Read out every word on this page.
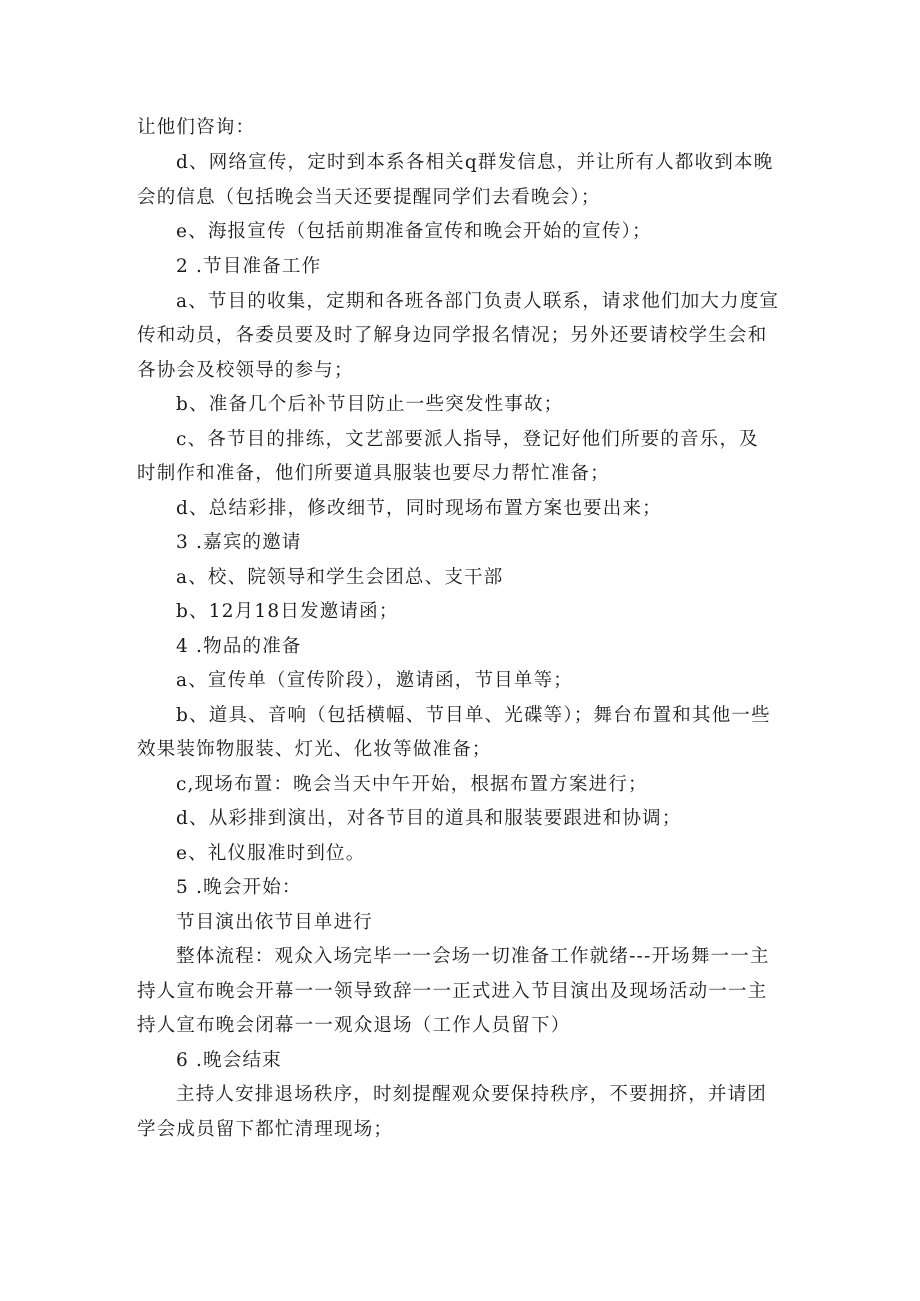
让他们咨询：

d、网络宣传，定时到本系各相关q群发信息，并让所有人都收到本晚

会的信息（包括晚会当天还要提醒同学们去看晚会）；

e、海报宣传（包括前期准备宣传和晚会开始的宣传）；

2 .节目准备工作

a、节目的收集，定期和各班各部门负责人联系，请求他们加大力度宣

传和动员，各委员要及时了解身边同学报名情况；另外还要请校学生会和

各协会及校领导的参与；

b、准备几个后补节目防止一些突发性事故；

c、各节目的排练，文艺部要派人指导，登记好他们所要的音乐，及

时制作和准备，他们所要道具服装也要尽力帮忙准备；

d、总结彩排，修改细节，同时现场布置方案也要出来；

3 .嘉宾的邀请

a、校、院领导和学生会团总、支干部

b、12月18日发邀请函；

4 .物品的准备

a、宣传单（宣传阶段），邀请函，节目单等；

b、道具、音响（包括横幅、节目单、光碟等）；舞台布置和其他一些

效果装饰物服装、灯光、化妆等做准备；

c,现场布置：晚会当天中午开始，根据布置方案进行；

d、从彩排到演出，对各节目的道具和服装要跟进和协调；

e、礼仪服准时到位。

5 .晚会开始：

节目演出依节目单进行

整体流程：观众入场完毕一一会场一切准备工作就绪---开场舞一一主

持人宣布晚会开幕一一领导致辞一一正式进入节目演出及现场活动一一主

持人宣布晚会闭幕一一观众退场（工作人员留下）

6 .晚会结束

主持人安排退场秩序，时刻提醒观众要保持秩序，不要拥挤，并请团

学会成员留下都忙清理现场；
